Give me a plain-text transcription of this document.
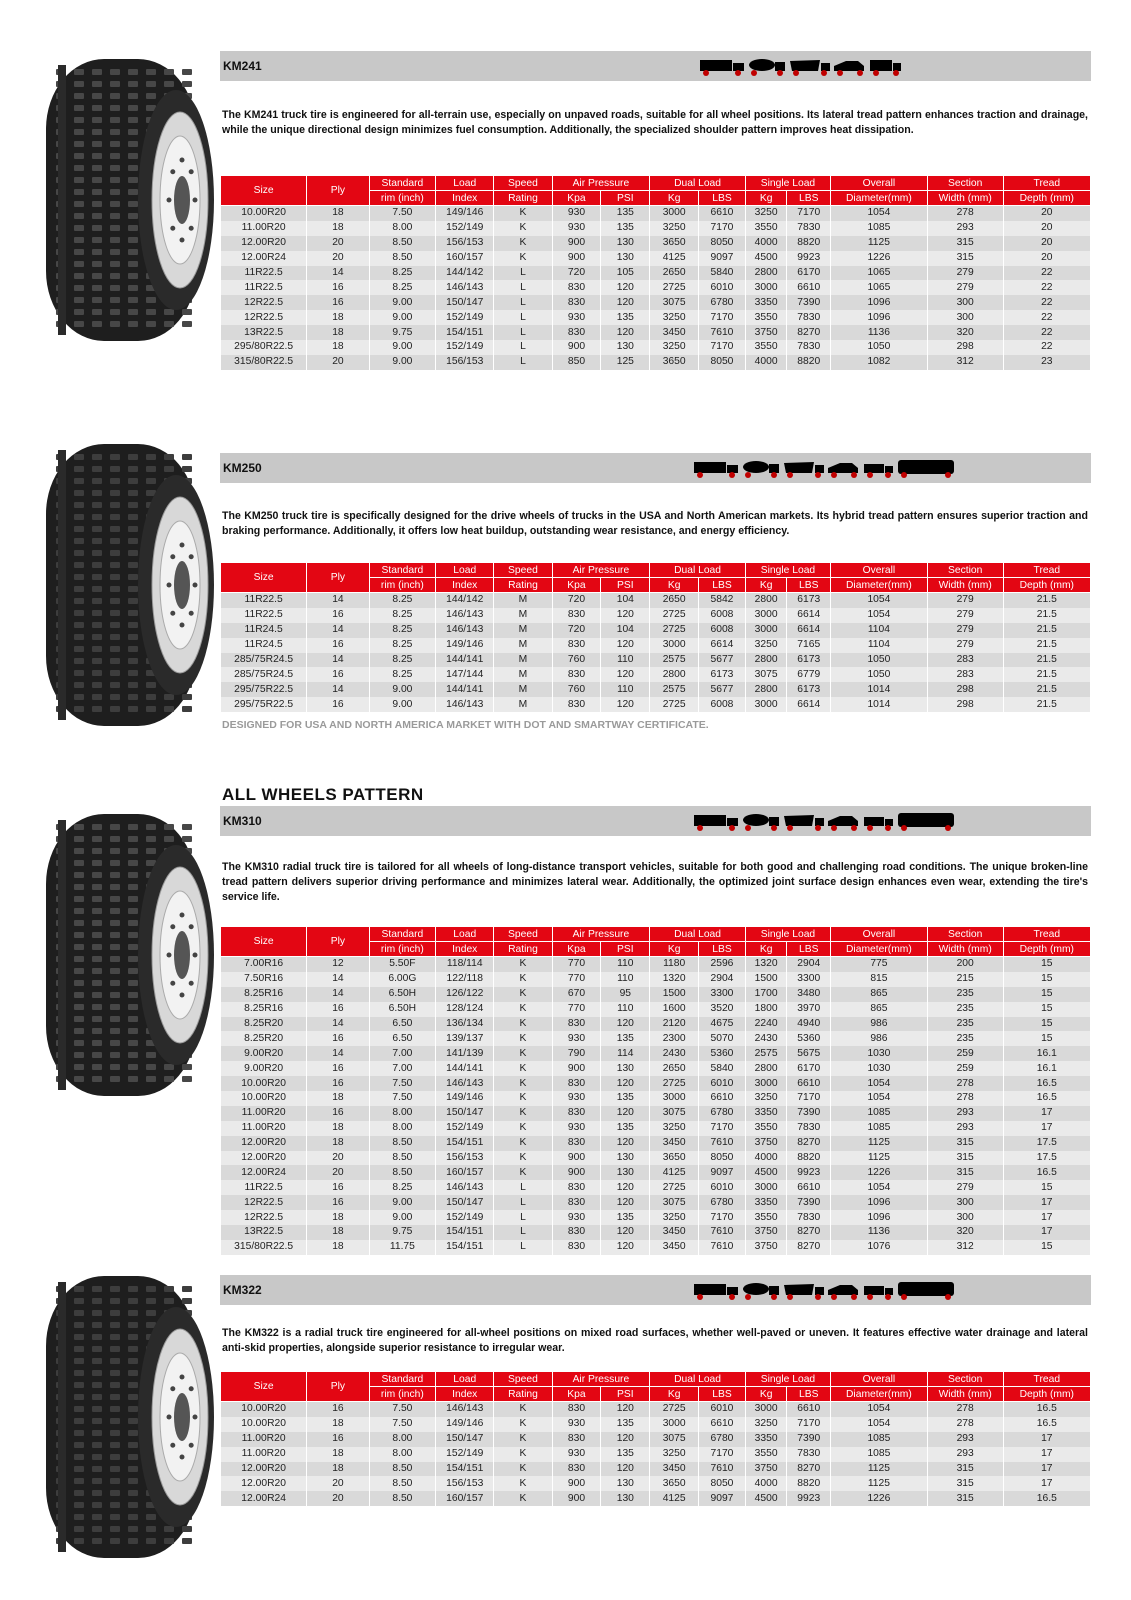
KM241
The KM241 truck tire is engineered for all-terrain use, especially on unpaved roads, suitable for all wheel positions. Its lateral tread pattern enhances traction and drainage, while the unique directional design minimizes fuel consumption. Additionally, the specialized shoulder pattern improves heat dissipation.
Size	Ply	Standard	Load	Speed	Air Pressure		Dual Load		Single Load		Overall	Section	Tread
		rim (inch)	Index	Rating	Kpa	PSI	Kg	LBS	Kg	LBS	Diameter(mm)	Width (mm)	Depth (mm)
10.00R20	18	7.50	149/146	K	930	135	3000	6610	3250	7170	1054	278	20
11.00R20	18	8.00	152/149	K	930	135	3250	7170	3550	7830	1085	293	20
12.00R20	20	8.50	156/153	K	900	130	3650	8050	4000	8820	1125	315	20
12.00R24	20	8.50	160/157	K	900	130	4125	9097	4500	9923	1226	315	20
11R22.5	14	8.25	144/142	L	720	105	2650	5840	2800	6170	1065	279	22
11R22.5	16	8.25	146/143	L	830	120	2725	6010	3000	6610	1065	279	22
12R22.5	16	9.00	150/147	L	830	120	3075	6780	3350	7390	1096	300	22
12R22.5	18	9.00	152/149	L	930	135	3250	7170	3550	7830	1096	300	22
13R22.5	18	9.75	154/151	L	830	120	3450	7610	3750	8270	1136	320	22
295/80R22.5	18	9.00	152/149	L	900	130	3250	7170	3550	7830	1050	298	22
315/80R22.5	20	9.00	156/153	L	850	125	3650	8050	4000	8820	1082	312	23
KM250
The KM250 truck tire is specifically designed for the drive wheels of trucks in the USA and North American markets. Its hybrid tread pattern ensures superior traction and braking performance. Additionally, it offers low heat buildup, outstanding wear resistance, and energy efficiency.
Size	Ply	Standard	Load	Speed	Air Pressure		Dual Load		Single Load		Overall	Section	Tread
		rim (inch)	Index	Rating	Kpa	PSI	Kg	LBS	Kg	LBS	Diameter(mm)	Width (mm)	Depth (mm)
11R22.5	14	8.25	144/142	M	720	104	2650	5842	2800	6173	1054	279	21.5
11R22.5	16	8.25	146/143	M	830	120	2725	6008	3000	6614	1054	279	21.5
11R24.5	14	8.25	146/143	M	720	104	2725	6008	3000	6614	1104	279	21.5
11R24.5	16	8.25	149/146	M	830	120	3000	6614	3250	7165	1104	279	21.5
285/75R24.5	14	8.25	144/141	M	760	110	2575	5677	2800	6173	1050	283	21.5
285/75R24.5	16	8.25	147/144	M	830	120	2800	6173	3075	6779	1050	283	21.5
295/75R22.5	14	9.00	144/141	M	760	110	2575	5677	2800	6173	1014	298	21.5
295/75R22.5	16	9.00	146/143	M	830	120	2725	6008	3000	6614	1014	298	21.5
DESIGNED FOR USA AND NORTH AMERICA MARKET WITH DOT AND SMARTWAY CERTIFICATE.
ALL WHEELS PATTERN
KM310
The KM310 radial truck tire is tailored for all wheels of long-distance transport vehicles, suitable for both good and challenging road conditions. The unique broken-line tread pattern delivers superior driving performance and minimizes lateral wear. Additionally, the optimized joint surface design enhances even wear, extending the tire's service life.
Size	Ply	Standard	Load	Speed	Air Pressure		Dual Load		Single Load		Overall	Section	Tread
		rim (inch)	Index	Rating	Kpa	PSI	Kg	LBS	Kg	LBS	Diameter(mm)	Width (mm)	Depth (mm)
7.00R16	12	5.50F	118/114	K	770	110	1180	2596	1320	2904	775	200	15
7.50R16	14	6.00G	122/118	K	770	110	1320	2904	1500	3300	815	215	15
8.25R16	14	6.50H	126/122	K	670	95	1500	3300	1700	3480	865	235	15
8.25R16	16	6.50H	128/124	K	770	110	1600	3520	1800	3970	865	235	15
8.25R20	14	6.50	136/134	K	830	120	2120	4675	2240	4940	986	235	15
8.25R20	16	6.50	139/137	K	930	135	2300	5070	2430	5360	986	235	15
9.00R20	14	7.00	141/139	K	790	114	2430	5360	2575	5675	1030	259	16.1
9.00R20	16	7.00	144/141	K	900	130	2650	5840	2800	6170	1030	259	16.1
10.00R20	16	7.50	146/143	K	830	120	2725	6010	3000	6610	1054	278	16.5
10.00R20	18	7.50	149/146	K	930	135	3000	6610	3250	7170	1054	278	16.5
11.00R20	16	8.00	150/147	K	830	120	3075	6780	3350	7390	1085	293	17
11.00R20	18	8.00	152/149	K	930	135	3250	7170	3550	7830	1085	293	17
12.00R20	18	8.50	154/151	K	830	120	3450	7610	3750	8270	1125	315	17.5
12.00R20	20	8.50	156/153	K	900	130	3650	8050	4000	8820	1125	315	17.5
12.00R24	20	8.50	160/157	K	900	130	4125	9097	4500	9923	1226	315	16.5
11R22.5	16	8.25	146/143	L	830	120	2725	6010	3000	6610	1054	279	15
12R22.5	16	9.00	150/147	L	830	120	3075	6780	3350	7390	1096	300	17
12R22.5	18	9.00	152/149	L	930	135	3250	7170	3550	7830	1096	300	17
13R22.5	18	9.75	154/151	L	830	120	3450	7610	3750	8270	1136	320	17
315/80R22.5	18	11.75	154/151	L	830	120	3450	7610	3750	8270	1076	312	15
KM322
The KM322 is a radial truck tire engineered for all-wheel positions on mixed road surfaces, whether well-paved or uneven. It features effective water drainage and lateral anti-skid properties, alongside superior resistance to irregular wear.
Size	Ply	Standard	Load	Speed	Air Pressure		Dual Load		Single Load		Overall	Section	Tread
		rim (inch)	Index	Rating	Kpa	PSI	Kg	LBS	Kg	LBS	Diameter(mm)	Width (mm)	Depth (mm)
10.00R20	16	7.50	146/143	K	830	120	2725	6010	3000	6610	1054	278	16.5
10.00R20	18	7.50	149/146	K	930	135	3000	6610	3250	7170	1054	278	16.5
11.00R20	16	8.00	150/147	K	830	120	3075	6780	3350	7390	1085	293	17
11.00R20	18	8.00	152/149	K	930	135	3250	7170	3550	7830	1085	293	17
12.00R20	18	8.50	154/151	K	830	120	3450	7610	3750	8270	1125	315	17
12.00R20	20	8.50	156/153	K	900	130	3650	8050	4000	8820	1125	315	17
12.00R24	20	8.50	160/157	K	900	130	4125	9097	4500	9923	1226	315	16.5
